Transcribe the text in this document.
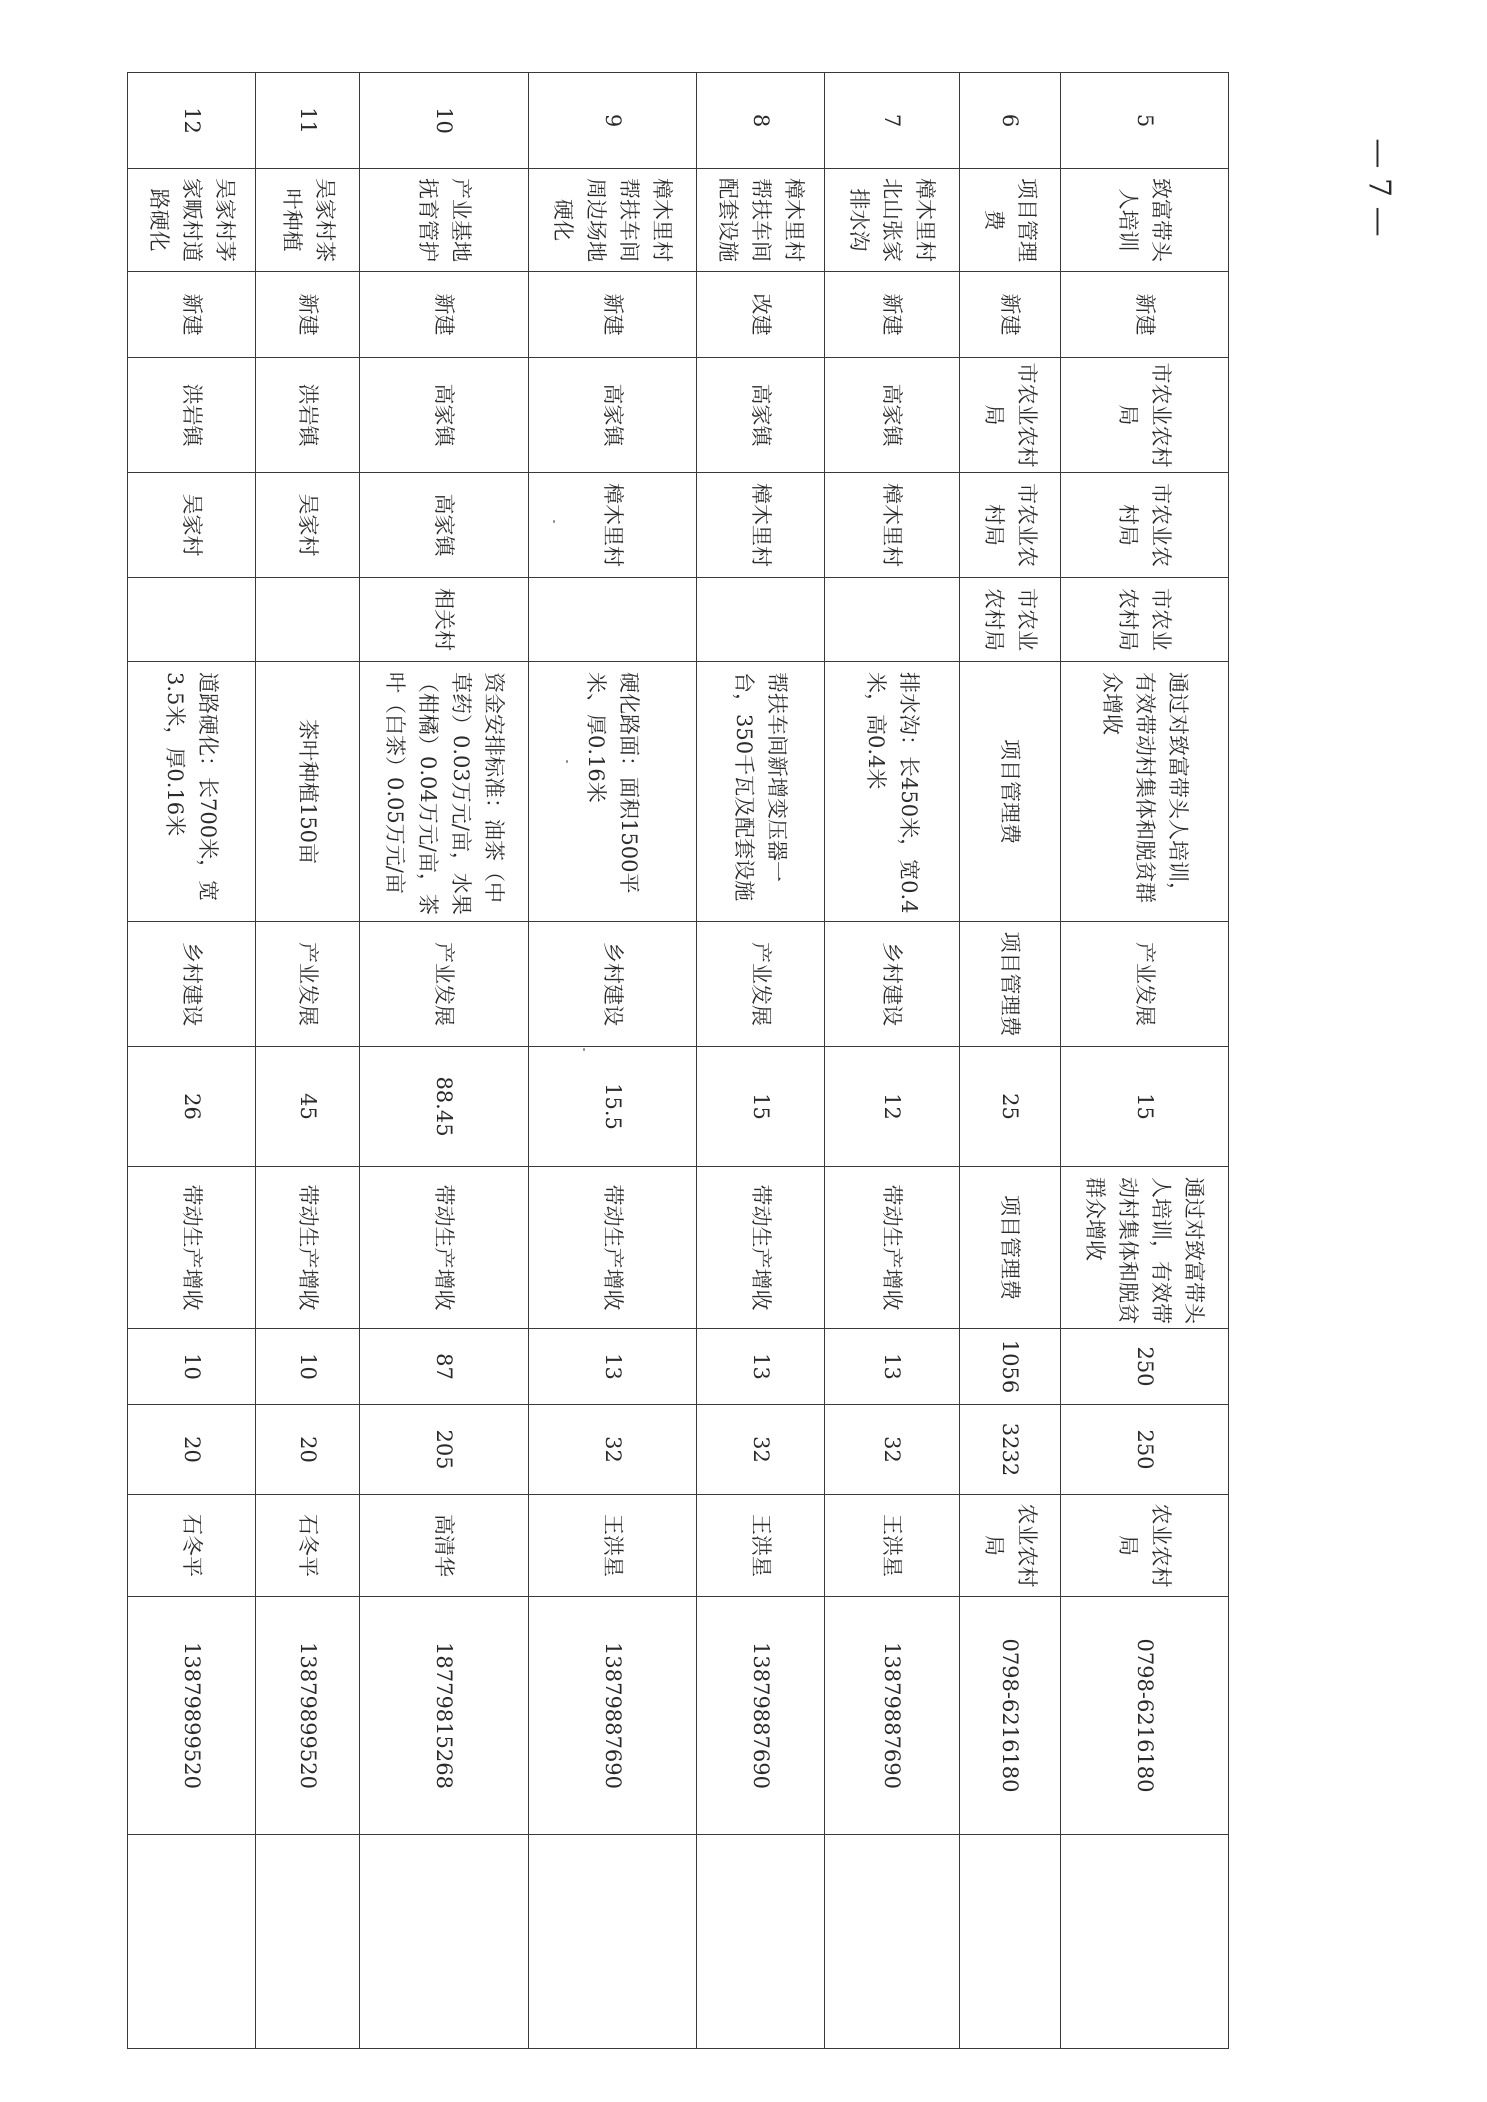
5	致富带头人培训	新建	市农业农村局	市农业农村局	市农业农村局	通过对致富带头人培训，有效带动村集体和脱贫群众增收	产业发展	15	通过对致富带头人培训，有效带动村集体和脱贫群众增收	250	250	农业农村局	0798-6216180	
6	项目管理费	新建	市农业农村局	市农业农村局	市农业农村局	项目管理费	项目管理费	25	项目管理费	1056	3232	农业农村局	0798-6216180	
7	樟木里村北山张家排水沟	新建	高家镇	樟木里村		排水沟：长450米，宽0.4米，高0.4米	乡村建设	12	带动生产增收	13	32	王洪星	13879887690	
8	樟木里村帮扶车间配套设施	改建	高家镇	樟木里村		帮扶车间新增变压器一台，350千瓦及配套设施	产业发展	15	带动生产增收	13	32	王洪星	13879887690	
9	樟木里村帮扶车间周边场地硬化	新建	高家镇	樟木里村		硬化路面：面积1500平米、厚0.16米	乡村建设	15.5	带动生产增收	13	32	王洪星	13879887690	
10	产业基地抚育管护	新建	高家镇	高家镇	相关村	资金安排标准：油茶（中草药）0.03万元/亩，水果（柑橘）0.04万元/亩，茶叶（白茶）0.05万元/亩	产业发展	88.45	带动生产增收	87	205	高清华	18779815268	
11	吴家村茶叶种植	新建	洪岩镇	吴家村		茶叶种植150亩	产业发展	45	带动生产增收	10	20	石冬平	13879899520	
12	吴家村茅家畈村道路硬化	新建	洪岩镇	吴家村		道路硬化：长700米，宽3.5米，厚0.16米	乡村建设	26	带动生产增收	10	20	石冬平	13879899520	
— 7 —
